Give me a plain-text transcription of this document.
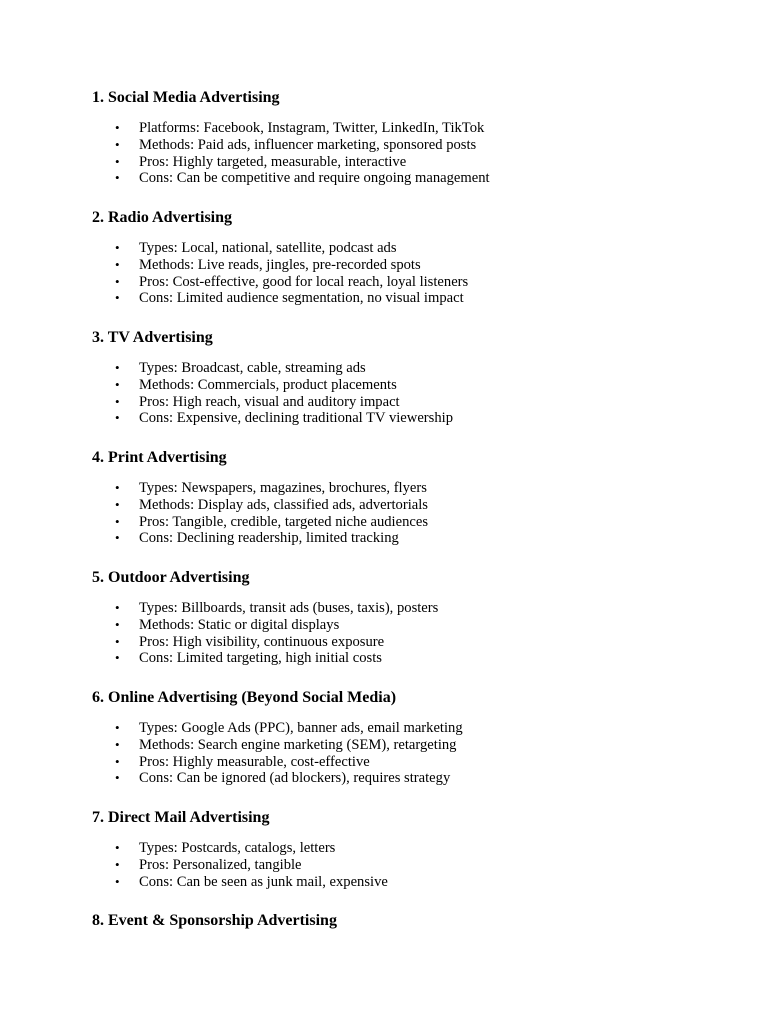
1. Social Media Advertising
• Platforms: Facebook, Instagram, Twitter, LinkedIn, TikTok
• Methods: Paid ads, influencer marketing, sponsored posts
• Pros: Highly targeted, measurable, interactive
• Cons: Can be competitive and require ongoing management
2. Radio Advertising
• Types: Local, national, satellite, podcast ads
• Methods: Live reads, jingles, pre-recorded spots
• Pros: Cost-effective, good for local reach, loyal listeners
• Cons: Limited audience segmentation, no visual impact
3. TV Advertising
• Types: Broadcast, cable, streaming ads
• Methods: Commercials, product placements
• Pros: High reach, visual and auditory impact
• Cons: Expensive, declining traditional TV viewership
4. Print Advertising
• Types: Newspapers, magazines, brochures, flyers
• Methods: Display ads, classified ads, advertorials
• Pros: Tangible, credible, targeted niche audiences
• Cons: Declining readership, limited tracking
5. Outdoor Advertising
• Types: Billboards, transit ads (buses, taxis), posters
• Methods: Static or digital displays
• Pros: High visibility, continuous exposure
• Cons: Limited targeting, high initial costs
6. Online Advertising (Beyond Social Media)
• Types: Google Ads (PPC), banner ads, email marketing
• Methods: Search engine marketing (SEM), retargeting
• Pros: Highly measurable, cost-effective
• Cons: Can be ignored (ad blockers), requires strategy
7. Direct Mail Advertising
• Types: Postcards, catalogs, letters
• Pros: Personalized, tangible
• Cons: Can be seen as junk mail, expensive
8. Event & Sponsorship Advertising
